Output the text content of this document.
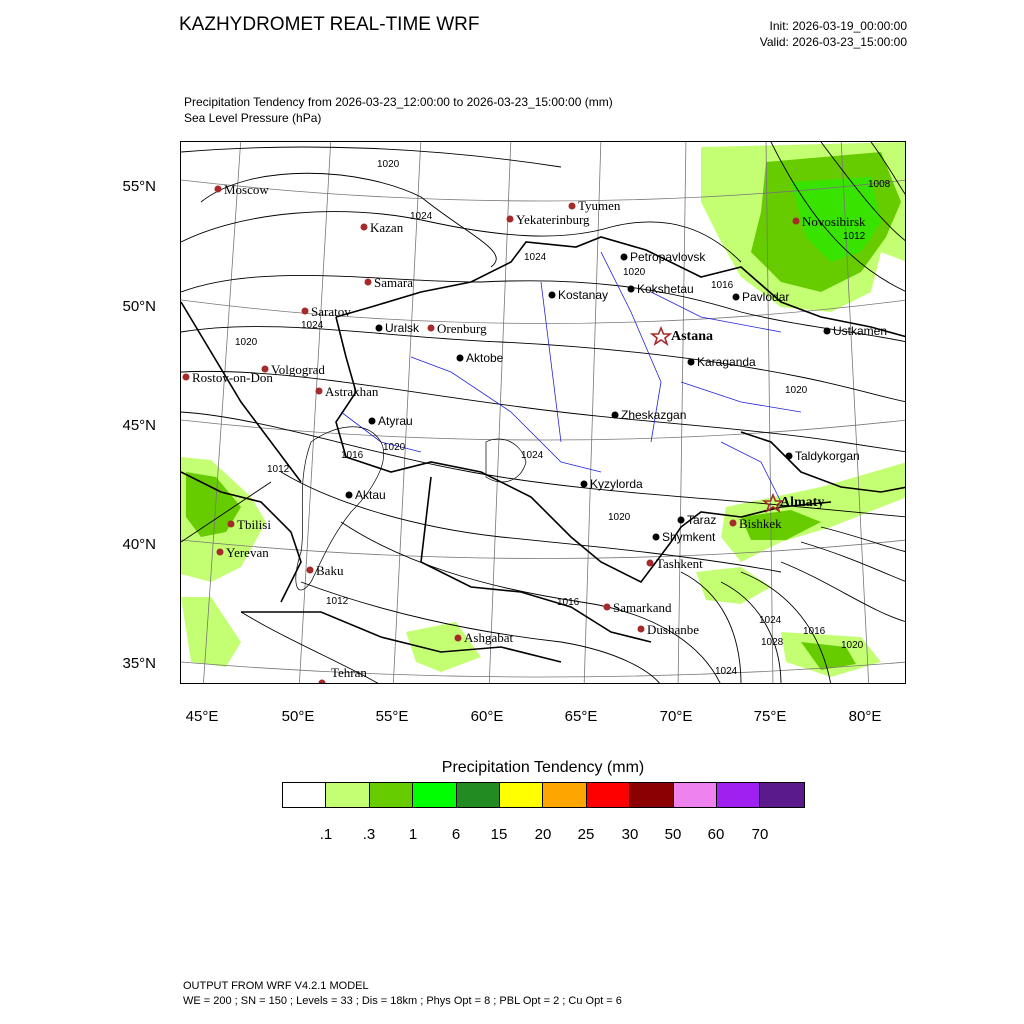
KAZHYDROMET REAL-TIME WRF	Init: 2026-03-19_00:00:00
Valid: 2026-03-23_15:00:00
Precipitation Tendency from 2026-03-23_12:00:00 to 2026-03-23_15:00:00 (mm)
Sea Level Pressure (hPa)
Moscow
Kazan
Samara
Saratov
Volgograd
Rostov-on-Don
Astrakhan
Orenburg
Yekaterinburg
Tyumen
Novosibirsk
Tbilisi
Yerevan
Baku
Tehran
Ashgabat
Samarkand
Dushanbe
Tashkent
Bishkek
Uralsk
Aktobe
Atyrau
Aktau
Kostanay
Petropavlovsk
Kokshetau
Pavlodar
Ustkamen
Karaganda
Zheskazgan
Kyzylorda
Taraz
Shymkent
Taldykorgan
Astana
Almaty
1020
1024
1024
1024
1020
1016
1008
1012
1020
1012
1016
1020
1024
1020
1012	1016
1024
1028
1016
1020
1024
1020
55°N
50°N
45°N
40°N
35°N
45°E	50°E	55°E	60°E	65°E	70°E	75°E	80°E
Precipitation Tendency (mm)
.1 .3 1 6 15 20 25 30 50 60 70
OUTPUT FROM WRF V4.2.1 MODEL
WE = 200 ; SN = 150 ; Levels = 33 ; Dis = 18km ; Phys Opt = 8 ; PBL Opt = 2 ; Cu Opt = 6
